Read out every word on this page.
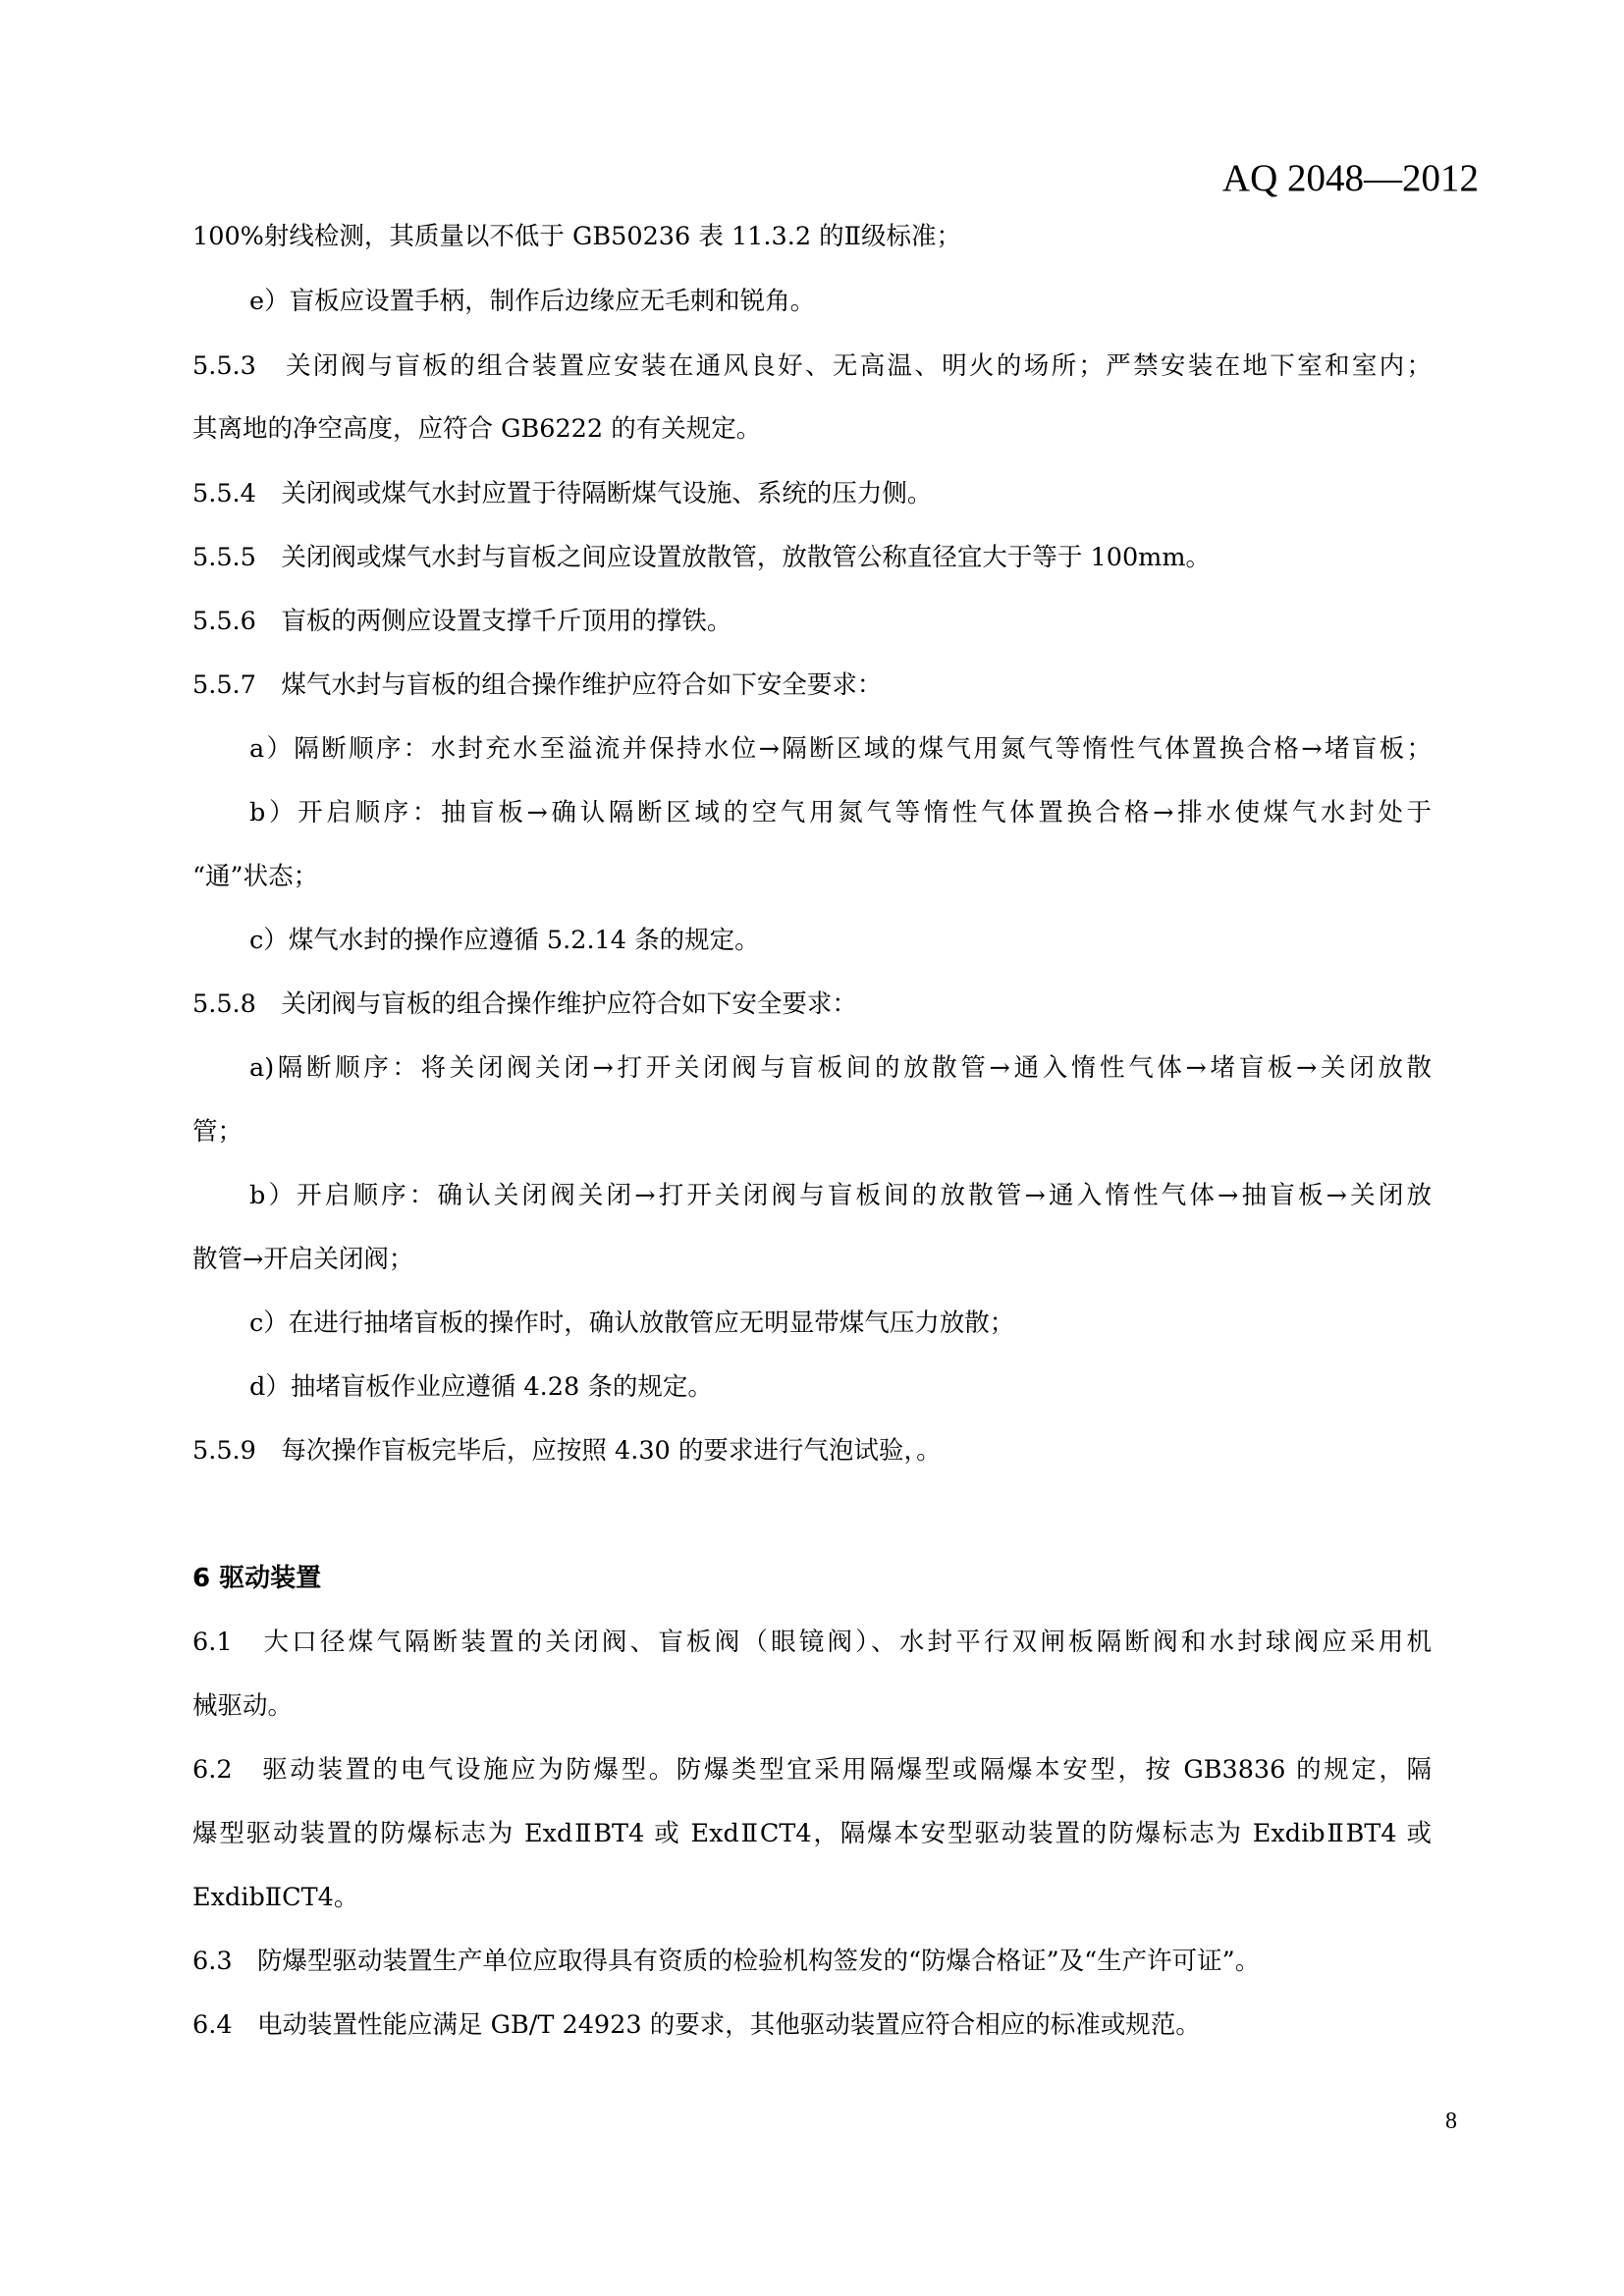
AQ 2048—2012
100%射线检测，其质量以不低于 GB50236 表 11.3.2 的Ⅱ级标准；
e）盲板应设置手柄，制作后边缘应无毛刺和锐角。
5.5.3　关闭阀与盲板的组合装置应安装在通风良好、无高温、明火的场所；严禁安装在地下室和室内；
其离地的净空高度，应符合 GB6222 的有关规定。
5.5.4　关闭阀或煤气水封应置于待隔断煤气设施、系统的压力侧。
5.5.5　关闭阀或煤气水封与盲板之间应设置放散管，放散管公称直径宜大于等于 100mm。
5.5.6　盲板的两侧应设置支撑千斤顶用的撑铁。
5.5.7　煤气水封与盲板的组合操作维护应符合如下安全要求：
a）隔断顺序：水封充水至溢流并保持水位→隔断区域的煤气用氮气等惰性气体置换合格→堵盲板；
b）开启顺序：抽盲板→确认隔断区域的空气用氮气等惰性气体置换合格→排水使煤气水封处于
“通”状态；
c）煤气水封的操作应遵循 5.2.14 条的规定。
5.5.8　关闭阀与盲板的组合操作维护应符合如下安全要求：
a)隔断顺序：将关闭阀关闭→打开关闭阀与盲板间的放散管→通入惰性气体→堵盲板→关闭放散
管；
b）开启顺序：确认关闭阀关闭→打开关闭阀与盲板间的放散管→通入惰性气体→抽盲板→关闭放
散管→开启关闭阀；
c）在进行抽堵盲板的操作时，确认放散管应无明显带煤气压力放散；
d）抽堵盲板作业应遵循 4.28 条的规定。
5.5.9　每次操作盲板完毕后，应按照 4.30 的要求进行气泡试验，。
6 驱动装置
6.1　大口径煤气隔断装置的关闭阀、盲板阀（眼镜阀）、水封平行双闸板隔断阀和水封球阀应采用机
械驱动。
6.2　驱动装置的电气设施应为防爆型。防爆类型宜采用隔爆型或隔爆本安型，按 GB3836 的规定，隔
爆型驱动装置的防爆标志为 ExdⅡBT4 或 ExdⅡCT4，隔爆本安型驱动装置的防爆标志为 ExdibⅡBT4 或
ExdibⅡCT4。
6.3　防爆型驱动装置生产单位应取得具有资质的检验机构签发的“防爆合格证”及“生产许可证”。
6.4　电动装置性能应满足 GB/T 24923 的要求，其他驱动装置应符合相应的标准或规范。
8
